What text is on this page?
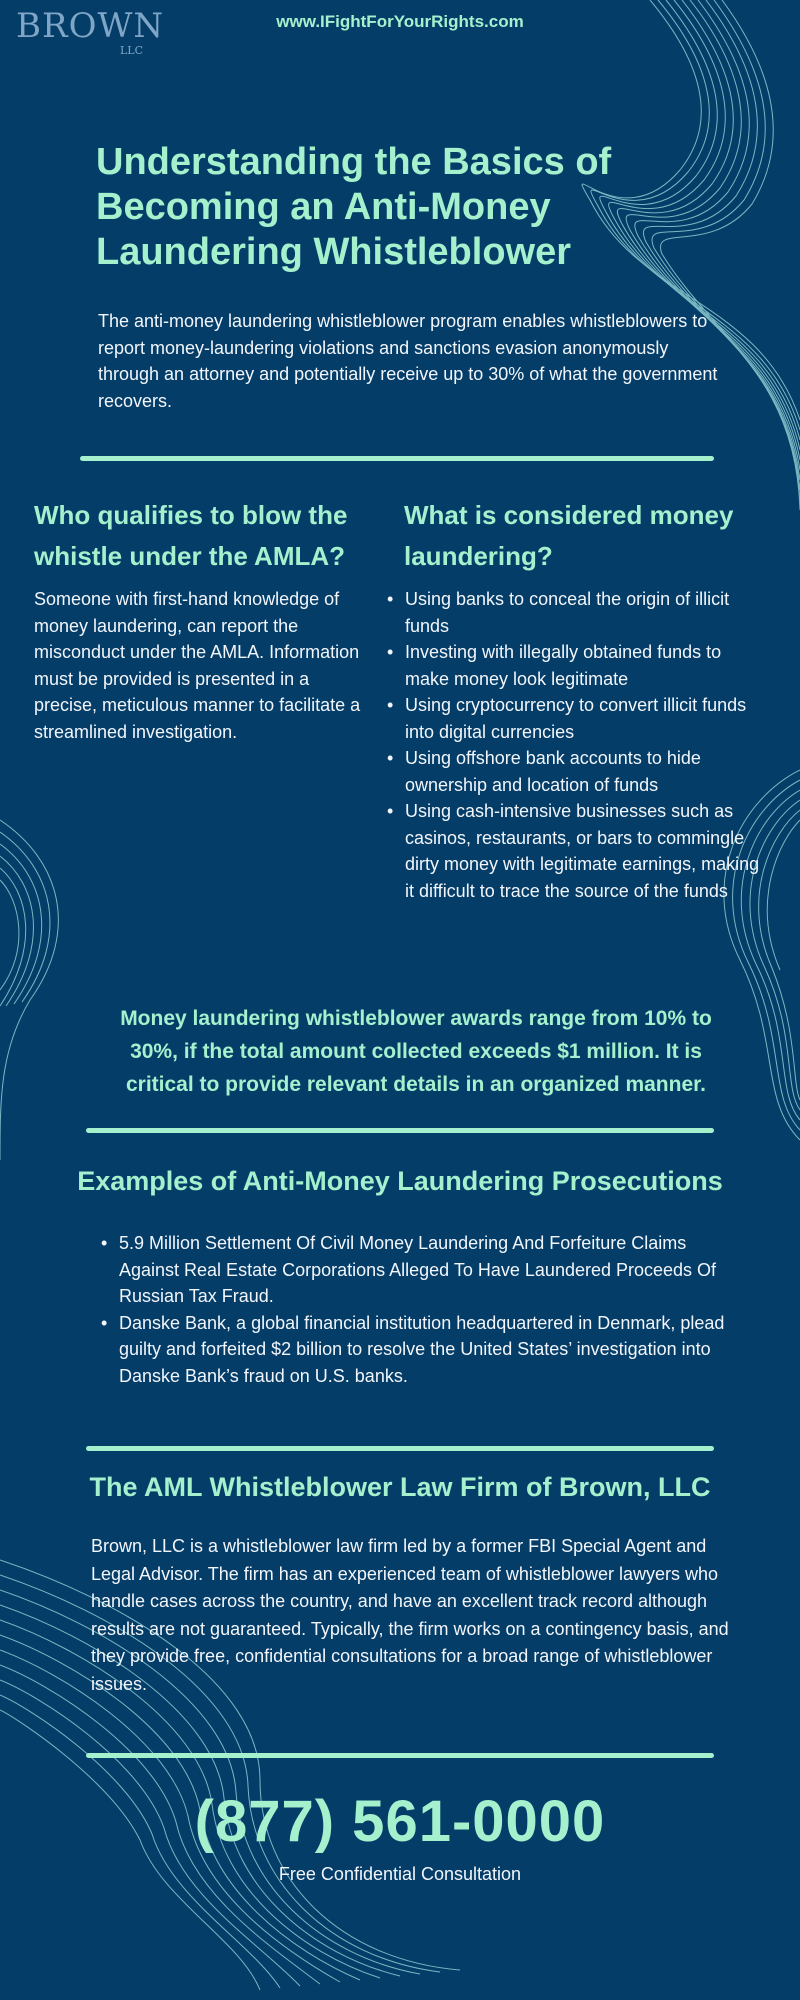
BROWN
LLC
www.IFightForYourRights.com
Understanding the Basics of Becoming an Anti-Money Laundering Whistleblower

The anti-money laundering whistleblower program enables whistleblowers to report money-laundering violations and sanctions evasion anonymously through an attorney and potentially receive up to 30% of what the government recovers.

Who qualifies to blow the whistle under the AMLA?

Someone with first-hand knowledge of money laundering, can report the misconduct under the AMLA. Information must be provided is presented in a precise, meticulous manner to facilitate a streamlined investigation.

What is considered money laundering?
• Using banks to conceal the origin of illicit funds
• Investing with illegally obtained funds to make money look legitimate
• Using cryptocurrency to convert illicit funds into digital currencies
• Using offshore bank accounts to hide ownership and location of funds
• Using cash-intensive businesses such as casinos, restaurants, or bars to commingle dirty money with legitimate earnings, making it difficult to trace the source of the funds

Money laundering whistleblower awards range from 10% to 30%, if the total amount collected exceeds $1 million. It is critical to provide relevant details in an organized manner.

Examples of Anti-Money Laundering Prosecutions
• 5.9 Million Settlement Of Civil Money Laundering And Forfeiture Claims Against Real Estate Corporations Alleged To Have Laundered Proceeds Of Russian Tax Fraud.
• Danske Bank, a global financial institution headquartered in Denmark, plead guilty and forfeited $2 billion to resolve the United States’ investigation into Danske Bank’s fraud on U.S. banks.
The AML Whistleblower Law Firm of Brown, LLC

Brown, LLC is a whistleblower law firm led by a former FBI Special Agent and Legal Advisor. The firm has an experienced team of whistleblower lawyers who handle cases across the country, and have an excellent track record although results are not guaranteed. Typically, the firm works on a contingency basis, and they provide free, confidential consultations for a broad range of whistleblower issues.

(877) 561-0000
Free Confidential Consultation
